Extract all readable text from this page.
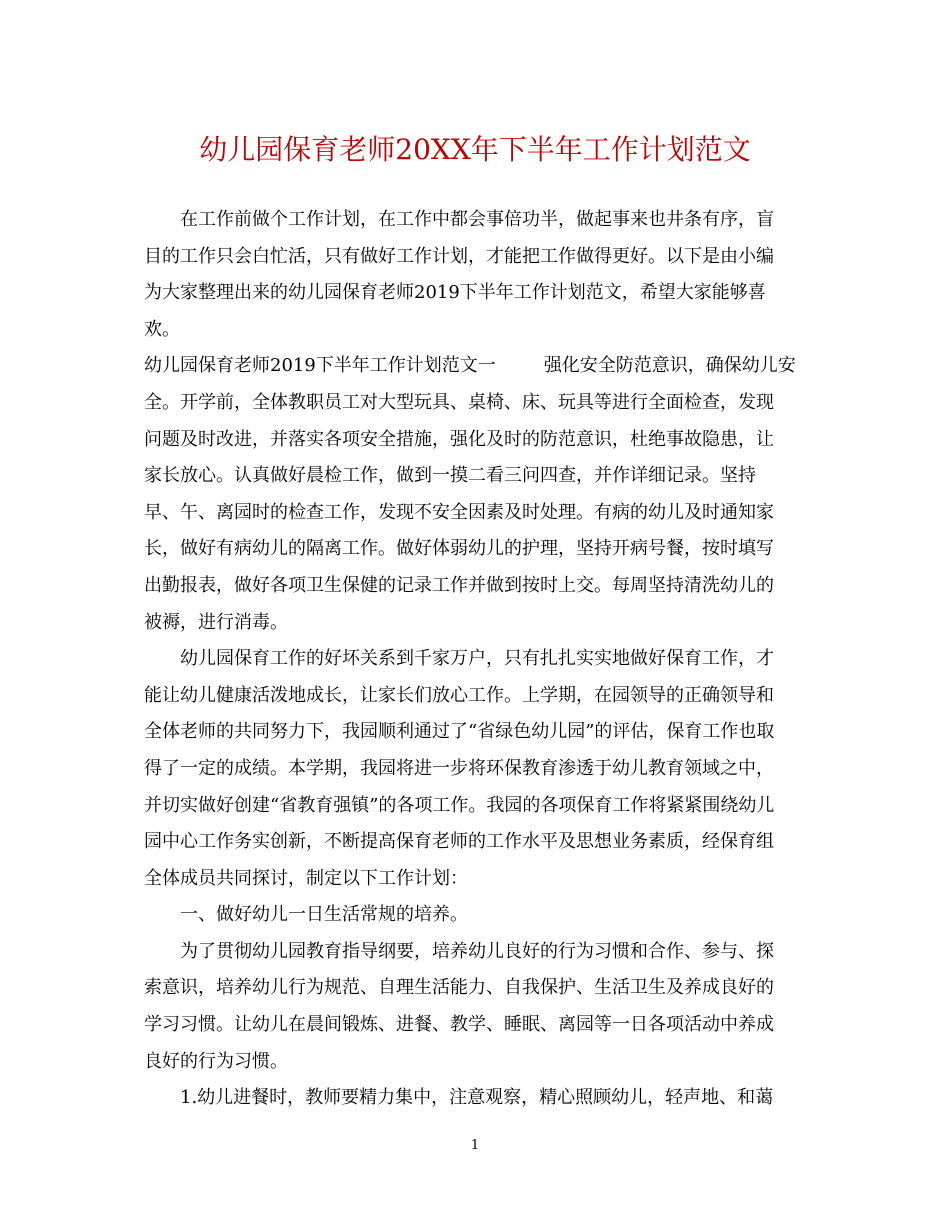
幼儿园保育老师20XX年下半年工作计划范文
在工作前做个工作计划，在工作中都会事倍功半，做起事来也井条有序，盲
目的工作只会白忙活，只有做好工作计划，才能把工作做得更好。以下是由小编
为大家整理出来的幼儿园保育老师2019下半年工作计划范文，希望大家能够喜
欢。
幼儿园保育老师2019下半年工作计划范文一	强化安全防范意识，确保幼儿安
全。开学前，全体教职员工对大型玩具、桌椅、床、玩具等进行全面检查，发现
问题及时改进，并落实各项安全措施，强化及时的防范意识，杜绝事故隐患，让
家长放心。认真做好晨检工作，做到一摸二看三问四查，并作详细记录。坚持
早、午、离园时的检查工作，发现不安全因素及时处理。有病的幼儿及时通知家
长，做好有病幼儿的隔离工作。做好体弱幼儿的护理，坚持开病号餐，按时填写
出勤报表，做好各项卫生保健的记录工作并做到按时上交。每周坚持清洗幼儿的
被褥，进行消毒。
幼儿园保育工作的好坏关系到千家万户，只有扎扎实实地做好保育工作，才
能让幼儿健康活泼地成长，让家长们放心工作。上学期，在园领导的正确领导和
全体老师的共同努力下，我园顺利通过了“省绿色幼儿园”的评估，保育工作也取
得了一定的成绩。本学期，我园将进一步将环保教育渗透于幼儿教育领域之中，
并切实做好创建“省教育强镇”的各项工作。我园的各项保育工作将紧紧围绕幼儿
园中心工作务实创新，不断提高保育老师的工作水平及思想业务素质，经保育组
全体成员共同探讨，制定以下工作计划：
一、做好幼儿一日生活常规的培养。
为了贯彻幼儿园教育指导纲要，培养幼儿良好的行为习惯和合作、参与、探
索意识，培养幼儿行为规范、自理生活能力、自我保护、生活卫生及养成良好的
学习习惯。让幼儿在晨间锻炼、进餐、教学、睡眠、离园等一日各项活动中养成
良好的行为习惯。
1.幼儿进餐时，教师要精力集中，注意观察，精心照顾幼儿，轻声地、和蔼
1
